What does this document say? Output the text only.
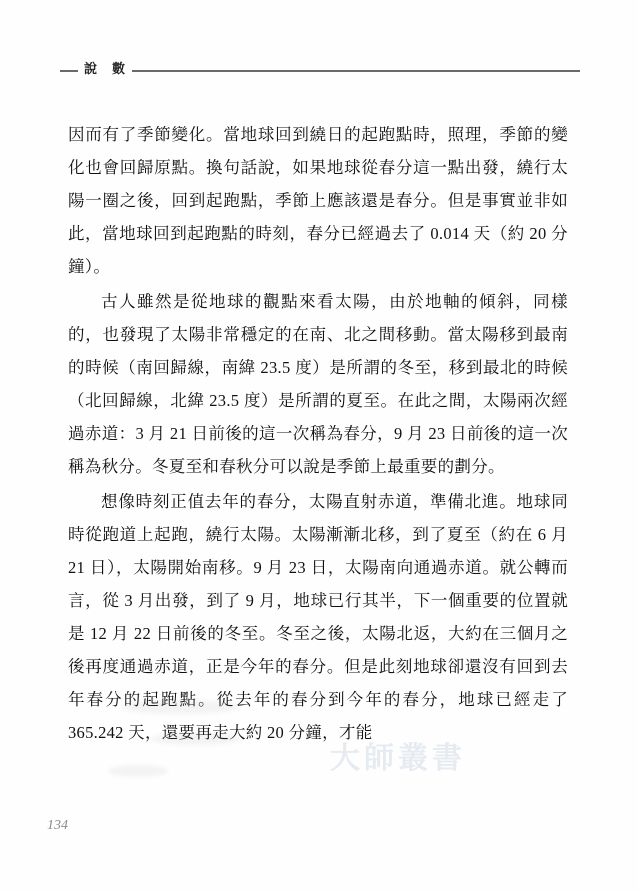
說　數

因而有了季節變化。當地球回到繞日的起跑點時，照理，季節的變化也會回歸原點。換句話說，如果地球從春分這一點出發，繞行太陽一圈之後，回到起跑點，季節上應該還是春分。但是事實並非如此，當地球回到起跑點的時刻，春分已經過去了 0.014 天（約 20 分鐘）。

古人雖然是從地球的觀點來看太陽，由於地軸的傾斜，同樣的，也發現了太陽非常穩定的在南、北之間移動。當太陽移到最南的時候（南回歸線，南緯 23.5 度）是所謂的冬至，移到最北的時候（北回歸線，北緯 23.5 度）是所謂的夏至。在此之間，太陽兩次經過赤道：3 月 21 日前後的這一次稱為春分，9 月 23 日前後的這一次稱為秋分。冬夏至和春秋分可以說是季節上最重要的劃分。

想像時刻正值去年的春分，太陽直射赤道，準備北進。地球同時從跑道上起跑，繞行太陽。太陽漸漸北移，到了夏至（約在 6 月 21 日），太陽開始南移。9 月 23 日，太陽南向通過赤道。就公轉而言，從 3 月出發，到了 9 月，地球已行其半，下一個重要的位置就是 12 月 22 日前後的冬至。冬至之後，太陽北返，大約在三個月之後再度通過赤道，正是今年的春分。但是此刻地球卻還沒有回到去年春分的起跑點。從去年的春分到今年的春分，地球已經走了 365.242 天，還要再走大約 20 分鐘，才能

大師叢書
134
